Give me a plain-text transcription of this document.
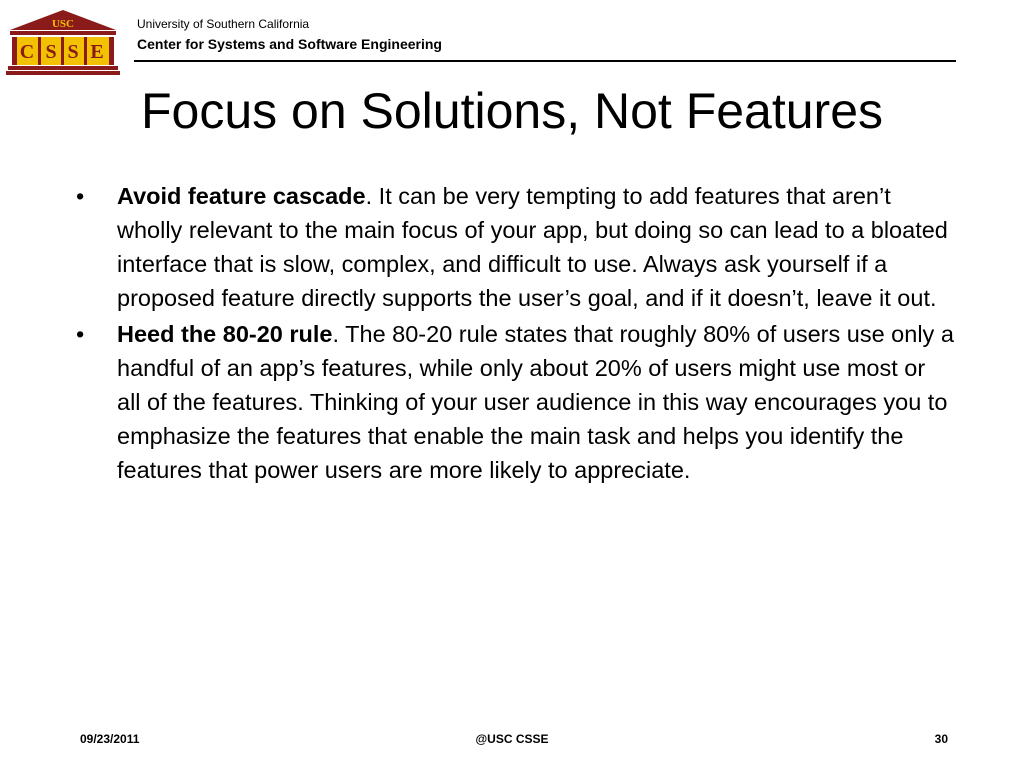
USC
C S S E
University of Southern California
Center for Systems and Software Engineering
Focus on Solutions, Not Features
• Avoid feature cascade. It can be very tempting to add features that aren’t wholly relevant to the main focus of your app, but doing so can lead to a bloated interface that is slow, complex, and difficult to use. Always ask yourself if a proposed feature directly supports the user’s goal, and if it doesn’t, leave it out.
• Heed the 80-20 rule. The 80-20 rule states that roughly 80% of users use only a handful of an app’s features, while only about 20% of users might use most or all of the features. Thinking of your user audience in this way encourages you to emphasize the features that enable the main task and helps you identify the features that power users are more likely to appreciate.
09/23/2011	@USC CSSE	30
